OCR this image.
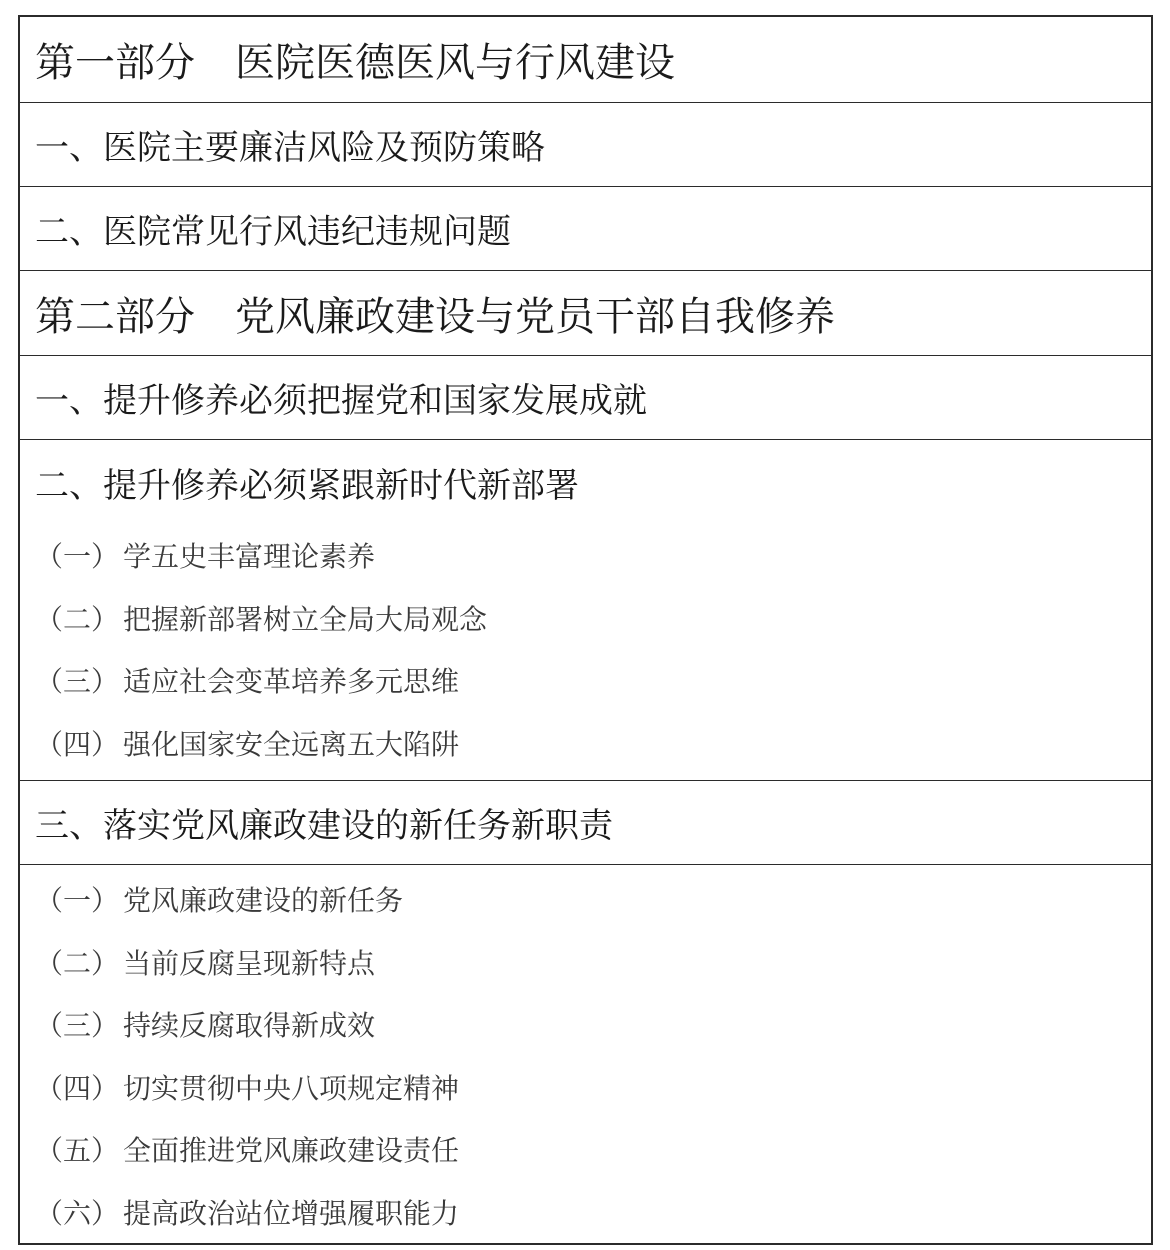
第一部分 医院医德医风与行风建设
一、 医院主要廉洁风险及预防策略
二、 医院常见行风违纪违规问题
第二部分 党风廉政建设与党员干部自我修养
一、 提升修养必须把握党和国家发展成就
二、 提升修养必须紧跟新时代新部署
（一） 学五史丰富理论素养
（二） 把握新部署树立全局大局观念
（三） 适应社会变革培养多元思维
（四） 强化国家安全远离五大陷阱
三、 落实党风廉政建设的新任务新职责
（一） 党风廉政建设的新任务
（二） 当前反腐呈现新特点
（三） 持续反腐取得新成效
（四） 切实贯彻中央八项规定精神
（五） 全面推进党风廉政建设责任
（六） 提高政治站位增强履职能力
